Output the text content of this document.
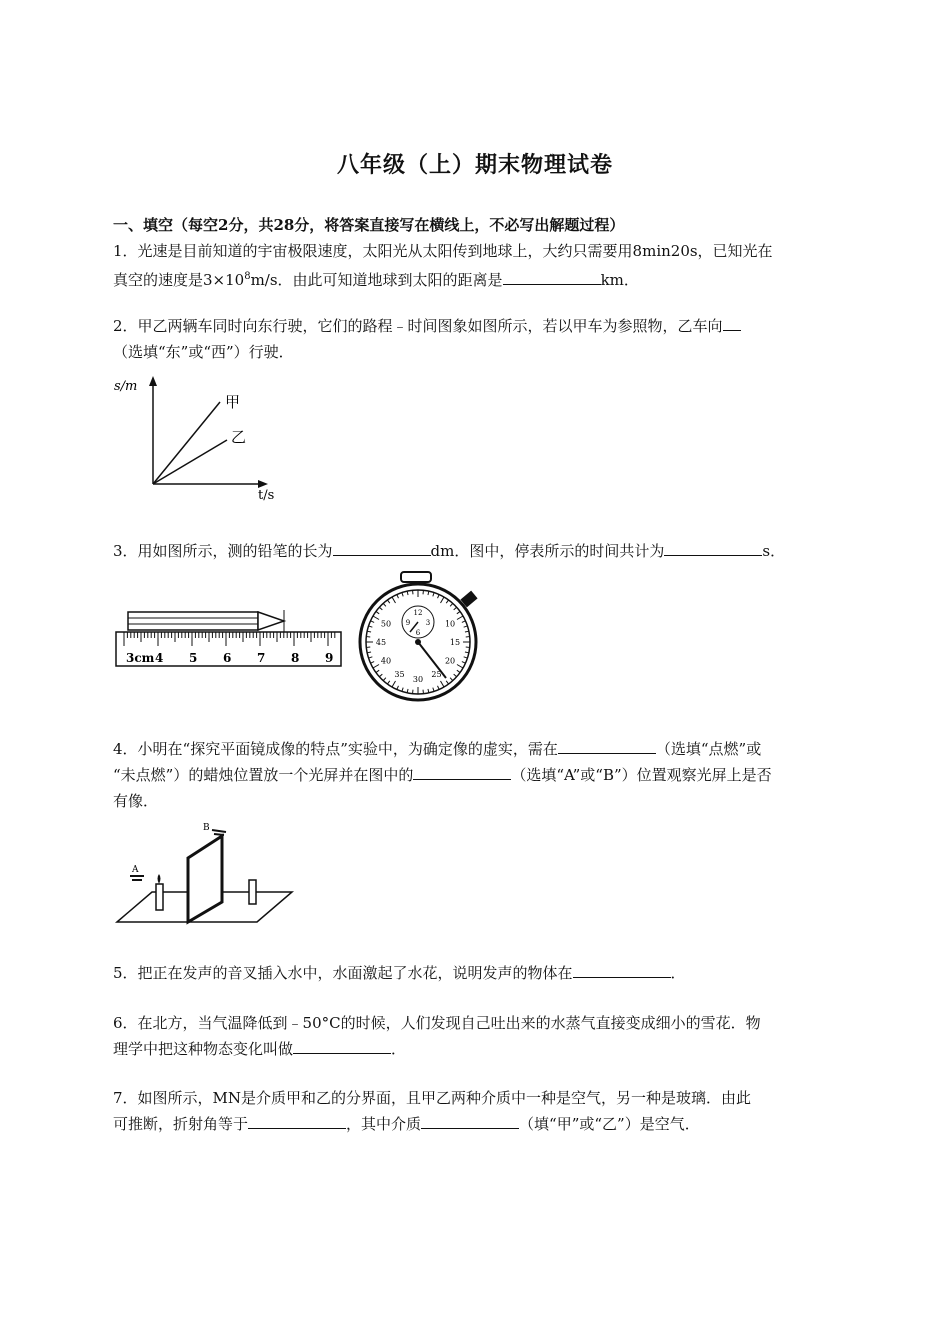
八年级（上）期末物理试卷
一、填空（每空2分，共28分，将答案直接写在横线上，不必写出解题过程）
1．光速是目前知道的宇宙极限速度，太阳光从太阳传到地球上，大约只需要用8min20s，已知光在
真空的速度是$3\times 10^8m/s$．由此可知道地球到太阳的距离是	km．
2．甲乙两辆车同时向东行驶，它们的路程﹣时间图象如图所示，若以甲车为参照物，乙车向
（选填“东”或“西”）行驶．
s/m
t/s
甲
乙
3．用如图所示，测的铅笔的长为	dm．图中，停表所示的时间共计为	s．
3cm 4 5 6 7 8 9
12
3
6
9	10
15
20
25
30
35
40
45
50
4．小明在“探究平面镜成像的特点”实验中，为确定像的虚实，需在	（选填“点燃”或
“未点燃”）的蜡烛位置放一个光屏并在图中的	（选填“A”或“B”）位置观察光屏上是否
有像．
A
B
5．把正在发声的音叉插入水中，水面激起了水花，说明发声的物体在	．
6．在北方，当气温降低到﹣50°C的时候，人们发现自己吐出来的水蒸气直接变成细小的雪花．物
理学中把这种物态变化叫做	．
7．如图所示，MN是介质甲和乙的分界面，且甲乙两种介质中一种是空气，另一种是玻璃．由此
可推断，折射角等于	，其中介质	（填“甲”或“乙”）是空气．
